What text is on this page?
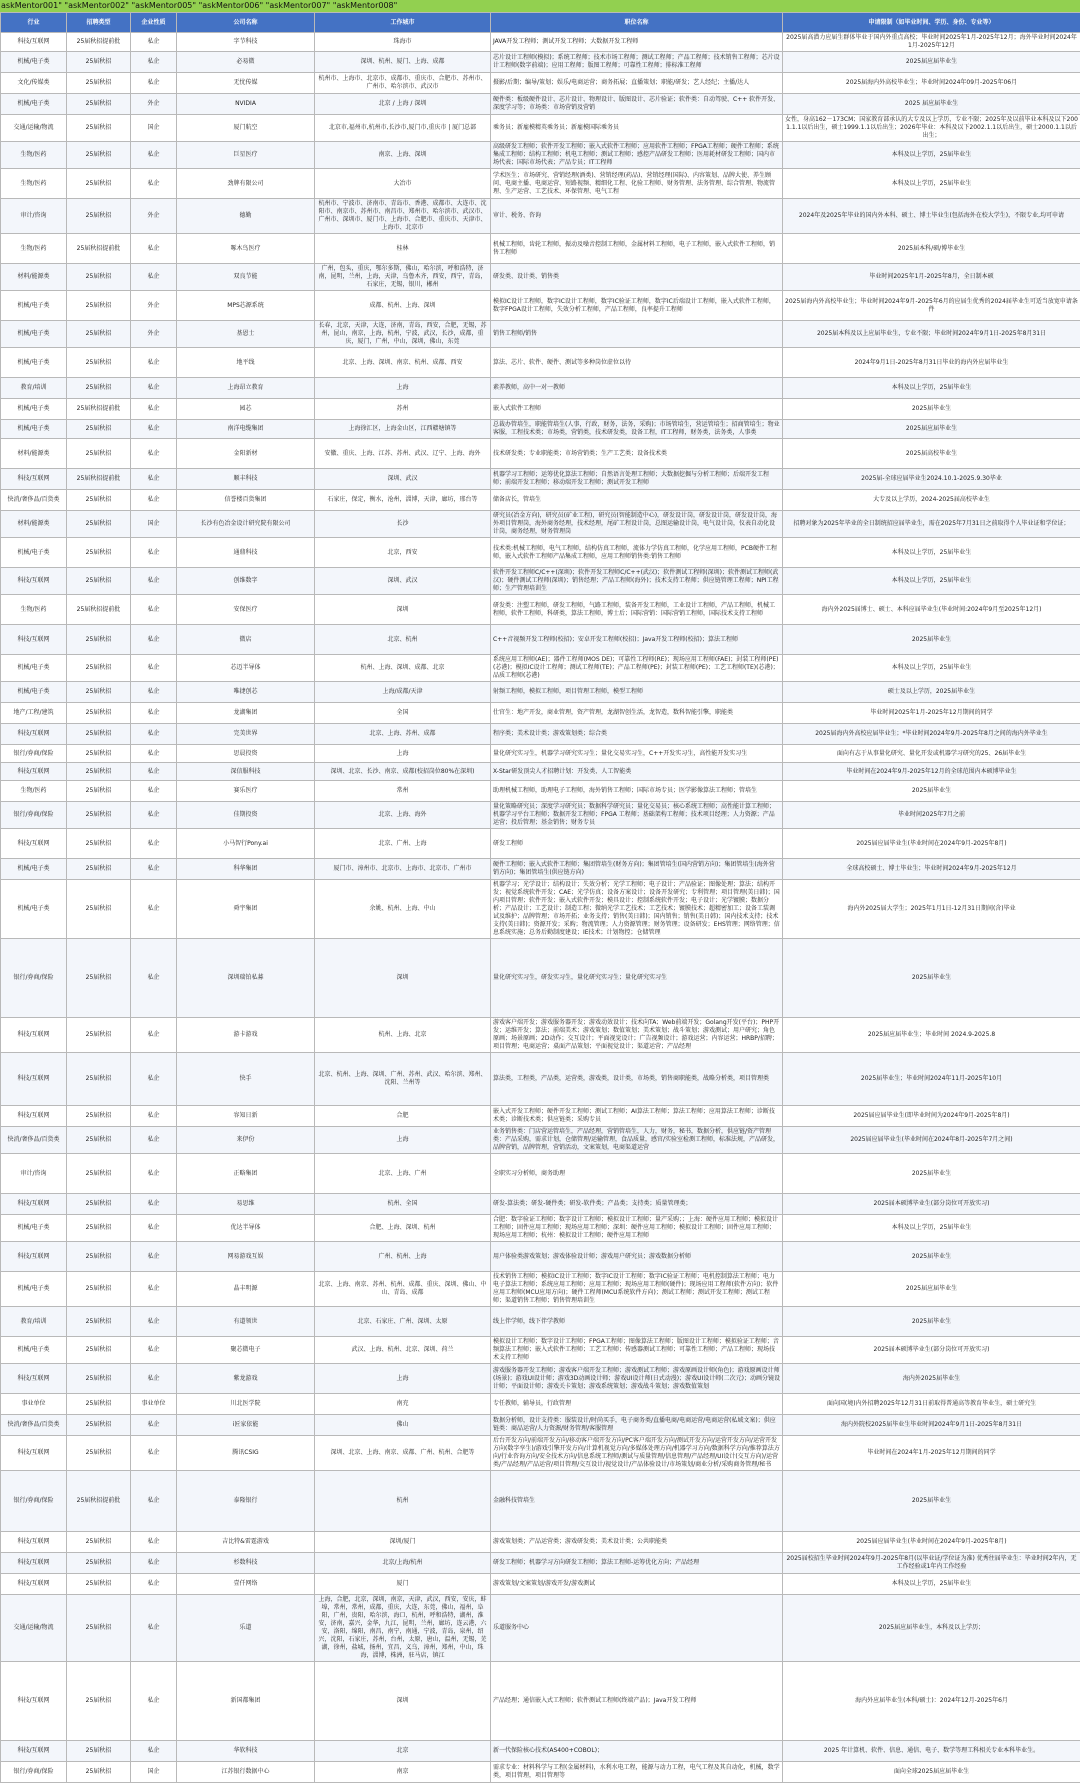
askMentor001" "askMentor002" "askMentor005" "askMentor006" "askMentor007" "askMentor008"
行业	招聘类型	企业性质	公司名称	工作城市	职位名称	申请限制（如毕业时间、学历、身份、专业等）
科技/互联网	25届秋招提前批	私企	字节科技	珠海市	JAVA开发工程师；测试开发工程师；大数据开发工程师	2025届高潜力应届生群体毕业于国内外重点高校；毕业时间2025年1月-2025年12月；海外毕业时间2024年1月-2025年12月
机械/电子类	25届秋招	私企	必易微	深圳、杭州、厦门、上海、成都	芯片设计工程师(模拟)；系统工程师；技术市场工程师；测试工程师；产品工程师；技术销售工程师；芯片设计工程师(数字前端)；应用工程师；版图工程师；可靠性工程师；排标准工程师	2025届应届毕业生
文化/传媒类	25届秋招	私企	无忧传媒	杭州市、上海市、北京市、成都市、重庆市、合肥市、苏州市、广州市、哈尔滨市、武汉市	摄影/后期；编导/策划；娱乐/电商运营；商务拓展；直播策划；职能/研发；艺人经纪；主播/达人	2025届海内外高校毕业生；毕业时间2024年09月-2025年06月
机械/电子类	25届秋招	外企	NVIDIA	北京 / 上海 / 深圳	硬件类：板级硬件设计、芯片设计、物理设计、版图设计、芯片验证；软件类：自动驾驶、C++ 软件开发、深度学习等；市场类：市场营销及营销	2025 届应届毕业生
交通/运输/物流	25届秋招	国企	厦门航空	北京市,福州市,杭州市,长沙市,厦门市,重庆市 | 厦门总部	乘务员；新雇模精英乘务员；新雇模国际乘务员	女性，身高162－173CM；国家教育部承认的大专及以上学历，专业不限；2025年及以前毕业本科及以下2001.1.1以后出生，硕士1999.1.1以后出生；2026年毕业：本科及以下2002.1.1以后出生，硕士2000.1.1以后出生；
生物/医药	25届秋招	私企	巨星医疗	南京、上海、深圳	高级研发工程师；软件开发工程师；嵌入式软件工程师；应用软件工程师；FPGA工程师；硬件工程师；系统集成工程师；结构工程师；机电工程师；测试工程师；感控产品研发工程师；医用耗材研发工程师；国内市场代表；国际市场代表；产品专员；IT工程师	本科及以上学历，25届毕业生
生物/医药	25届秋招	私企	劲牌有限公司	大冶市	学术医生；市场研究、营销经理(酒类)、营销经理(药品)、营销经理(国际)、内容策划、品牌大使、养生顾问、电商主播、电商运营、短路视频、精细化工程、化验工程师、财务管理、法务管理、综合管理、物流管理、生产运营、工艺技术、环保管理、电气工程	本科及以上学历，25届毕业生
审计/咨询	25届秋招	外企	德勤	杭州市、宁波市、济南市、青岛市、香港、成都市、大连市、沈阳市、南京市、苏州市、南昌市、郑州市、哈尔滨市、武汉市、广州市、深圳市、厦门市、上海市、合肥市、重庆市、天津市、上海市、北京市	审计、税务、咨询	2024年及2025年毕业的国内外本科、硕士、博士毕业生(包括海外在校大学生)，不限专业,均可申请
生物/医药	25届秋招提前批	私企	啄木鸟医疗	桂林	机械工程师，齿轮工程师，振动及噪音控制工程师，金属材料工程师，电子工程师，嵌入式软件工程师，销售工程师	2025届本科/硕/博毕业生
材料/能源类	25届秋招	私企	双良节能	广州，包头，重庆，鄂尔多斯，佛山，哈尔滨，呼和浩特，济南，昆明，兰州，上海，天津，乌鲁木齐，西安，西宁，青岛，石家庄，无锡，银川，郴州	研发类、设计类、销售类	毕业时间2025年1月-2025年8月，全日制本硕
机械/电子类	25届秋招	外企	MPS芯源系统	成都、杭州、上海、深圳	模拟IC设计工程师，数字IC设计工程师，数字IC验证工程师，数字IC后端设计工程师，嵌入式软件工程师，数字FPGA设计工程师，失效分析工程师，产品工程师，良率提升工程师	2025届海内外高校毕业生；毕业时间2024年9月-2025年6月的应届生优秀的2024届毕业生可适当放宽申请条件
机械/电子类	25届秋招	外企	基恩士	长春，北京，天津，大连，济南，青岛，西安，合肥，无锡，苏州，昆山，南京，上海，杭州，宁波，武汉，长沙，成都，重庆，厦门，广州，中山，深圳，佛山，东莞	销售工程师/销售	2025届本科及以上应届毕业生，专业不限；毕业时间2024年9月1日-2025年8月31日
机械/电子类	25届秋招	私企	地平线	北京、上海、深圳、南京、杭州、成都、西安	算法、芯片、软件、硬件、测试等多种岗位虚位以待	2024年9月1日-2025年8月31日毕业的海内外应届毕业生
教育/培训	25届秋招	私企	上海昂立教育	上海	素养教师，高中一对一教师	本科及以上学历，25届毕业生
机械/电子类	25届秋招提前批	私企	园芯	苏州	嵌入式软件工程师	2025届毕业生
机械/电子类	25届秋招	私企	南洋电缆集团	上海徐汇区，上海金山区，江西赣塘镇等	总裁办管培生，职能管培生(人事，行政，财务，法务，采购)；市场管培生，营运管培生；招商管培生；物业客服，工程技术类；市场类，营销类，技术研发类，设备工程，IT工程师，财务类，法务类，人事类	2025届应届毕业生
材料/能源类	25届秋招	私企	金阳新材	安徽、重庆、上海、江苏、苏州、武汉、辽宁、上海、海外	技术研发类；专业职能类；市场营销类；生产工艺类；设备技术类	2025届高校毕业生
科技/互联网	25届秋招提前批	私企	顺丰科技	深圳、武汉	机器学习工程师；运筹优化算法工程师；自然语言处理工程师；大数据挖掘与分析工程师；后端开发工程师；前端开发工程师；移动端开发工程师；测试开发工程师	2025届-全球应届毕业生2024.10.1-2025.9.30毕业
快消/奢侈品/百货类	25届秋招	私企	信誉楼百货集团	石家庄，保定，衡水，沧州，淄博，天津，廊坊，邢台等	储备店长，管培生	大专及以上学历，2024-2025届高校毕业生
材料/能源类	25届秋招	国企	长沙有色冶金设计研究院有限公司	长沙	研究员(冶金方向)，研究员(矿业工程)，研究员(智能制造中心)，研发设计岗，研发设计岗，研发设计岗，海外项目管理岗，海外商务经理，技术经理，尾矿工程设计岗，总图运输设计岗，电气设计岗，仪表自动化设计岗，商务经理，财务管理岗	招聘对象为2025年毕业的全日制统招应届毕业生，需在2025年7月31日之前取得个人毕业证和学位证；
机械/电子类	25届秋招	私企	通鼎科技	北京，西安	技术类:机械工程师，电气工程师，结构仿真工程师，流体力学仿真工程师，化学应用工程师，PCB硬件工程师，嵌入式软件工程师产品集成工程师，应用工程师销售类:销售工程师	本科及以上学历，25届毕业生
科技/互联网	25届秋招	私企	创维数字	深圳、武汉	软件开发工程师C/C++(深圳)；软件开发工程师C/C++(武汉)；软件测试工程师(深圳)；软件测试工程师(武汉)；硬件测试工程师(深圳)；销售经理；产品工程师(海外)；技术支持工程师；供应链管理工程师；NPI工程师；生产管理培训生	本科及以上学历，25届毕业生
生物/医药	25届秋招提前批	私企	安保医疗	深圳	研发类：注塑工程师，研发工程师，气路工程师，装备开发工程师，工业设计工程师，产品工程师，机械工程师，软件工程师，科研类，算法工程师，博士后；国际营销：国际营销工程师，国际技术支持工程师	海内外2025届博士、硕士、本科应届毕业生(毕业时间:2024年9月至2025年12月)
科技/互联网	25届秋招	私企	微店	北京、杭州	C++音视频开发工程师(校招)；安卓开发工程师(校招)；Java开发工程师(校招)；算法工程师	2025届毕业生
机械/电子类	25届秋招	私企	芯迈半导体	杭州、上海、深圳、成都、北京	系统应用工程师(AE)；器件工程师(MOS DE)；可靠性工程师(RE)；现场应用工程师(FAE)；封装工程师(PE)(芯港)；模拟IC设计工程师；测试工程师(TE)；产品工程师(PE)；封装工程师(PE)；工艺工程师(TE)(芯港)；品质工程师(芯港)	本科及以上学历，25届毕业生
机械/电子类	25届秋招	私企	唯捷创芯	上海/成都/天津	射频工程师，模拟工程师，项目管理工程师，模型工程师	硕士及以上学历，2025届毕业生
地产/工程/建筑	25届秋招	私企	龙湖集团	全国	仕官生：地产开发，商业管理，资产管理，龙湖智创生活，龙智造，数科智能引擎，职能类	毕业时间2025年1月-2025年12月期间的同学
科技/互联网	25届秋招	私企	完美世界	北京、上海、苏州、成都	程序类；美术设计类；游戏策划类；综合类	2025届海内外高校应届毕业生；*毕业时间2024年9月-2025年8月之间的海内外毕业生
银行/券商/保险	25届秋招	私企	思晨投资	上海	量化研究实习生，机器学习研究实习生；量化交易实习生，C++开发实习生，高性能开发实习生	面向有志于从事量化研究、量化开发或机器学习研究的25、26届毕业生
科技/互联网	25届秋招	私企	深信服科技	深圳、北京、长沙、南京、成都(校招岗位80%在深圳)	X-Star研发顶尖人才招聘计划：开发类、人工智能类	毕业时间在2024年9月-2025年12月的全球范围内本硕博毕业生
生物/医药	25届秋招	私企	赛乐医疗	常州	助理机械工程师，助理电子工程师，海外销售工程师；国际市场专员；医学影像算法工程师；管培生	2025届毕业生
银行/券商/保险	25届秋招	私企	佳期投资	北京、上海、海外	量化策略研究员；深度学习研究员；数据科学研究员；量化交易员；核心系统工程师；高性能计算工程师；机器学习平台工程师；数据开发工程师；FPGA 工程师；基础架构工程师；技术项目经理；人力资源；产品运营；投后管理；基金销售；财务专员	毕业时间2025年7月之前
科技/互联网	25届秋招	私企	小马智行Pony.ai	北京、广州、上海	研发工程师	2025届应届毕业生(毕业时间在2024年9月-2025年8月)
机械/电子类	25届秋招	私企	科华集团	厦门市、漳州市、北京市、上海市、北京市、广州市	硬件工程师；嵌入式软件工程师；集团管培生(财务方向)；集团管培生(国内营销方向)；集团管培生(海外营销方向)；集团管培生(供应链方向)	全球高校硕士、博士毕业生；毕业时间2024年9月-2025年12月
机械/电子类	25届秋招	私企	舜宇集团	余姚、杭州、上海、中山	机器学习；光学设计；结构设计；失效分析；光学工程师；电子设计；产品验证；图像处理；算法；结构开发；视觉系统软件开发；CAE；光学仿真；设备方案设计；设备开发研究；专利管理；项目管理(美日韩)；国内项目管理；软件开发；嵌入式软件开发；模具设计；控制系统软件开发；电子设计；光学镀膜；数据分析；产品设计；工艺设计；制造工程；微纳光学工艺技术；工艺技术；镀膜技术；超精密加工；设备工装调试及维护；品牌管理；市场开拓；业务支持；销售(美日韩)；国内销售；销售(美日韩)；国内技术支持；技术支持(美日韩)；资源开发；采购；物流管理；人力资源管理；财务管理；设备研发；EHS管理；网络管理；信息系统实施；总务后勤制度建设；IE技术；计划物控；仓储管理	海内外2025届大学生；2025年1月1日-12月31日期间(含)毕业
银行/券商/保险	25届秋招	私企	深圳瑞铂私募	深圳	量化研究实习生，研发实习生，量化研究实习生；量化研究实习生	2025届毕业生
科技/互联网	25届秋招	私企	游卡游戏	杭州、上海、北京	游戏客户端开发；游戏服务器开发；游戏动效设计；技术向TA；Web前端开发；Golang开发(平台)；PHP开发；运维开发；算法；前端美术；游戏策划；数值策划；美术策划；战斗策划；游戏测试；用户研究；角色原画；场景原画；2D动作；交互设计；平面视觉设计；广告视频设计；游戏运营；内容运营；HRBP/招聘；项目管理；电商运营；桌面产品策划；平面视觉设计；渠道运营；产品经理	2025届应届毕业生；毕业时间 2024.9-2025.8
科技/互联网	25届秋招	私企	快手	北京、杭州、上海、深圳、广州、苏州、武汉、哈尔滨、郑州、沈阳、兰州等	算法类，工程类，产品类，运营类，游戏类，设计类，市场类，销售商职能类，战略分析类，项目管理类	2025届毕业生；毕业时间2024年11月-2025年10月
科技/互联网	25届秋招	私企	容知日新	合肥	嵌入式开发工程师；硬件开发工程师；测试工程师；AI算法工程师；算法工程师；应用算法工程师；诊断技术类；诊断技术类；供应链类；采购专员	2025届应届毕业生(即毕业时间为2024年9月-2025年8月)
快消/奢侈品/百货类	25届秋招	私企	来伊份	上海	业务销售类：门店营运管培生，产品经理，营销管培生，人力，财务，秘书，数据分析，供应链/资产管理类：产品采购，需求计划，仓储管理/运输管理，食品质量，感官/实验室检测工程师，标准法规，产品研发，品牌营销，品牌管理，营销活动，文案策划，电商渠道运营	2025届应届毕业生(毕业时间在2024年8月-2025年7月之间)
审计/咨询	25届秋招	私企	正略集团	北京、上海、广州	全职实习分析师，商务助理	2025届毕业生
科技/互联网	25届秋招	私企	易思维	杭州、全国	研发-算法类；研发-硬件类；研发-软件类；产品类；支持类；质量管理类；	2025届本硕博毕业生(部分岗位可开放实习)
机械/电子类	25届秋招	私企	优达半导体	合肥、上海、深圳、杭州	合肥：数字验证工程师；数字设计工程师；模拟设计工程师；量产采购；；上海：硬件应用工程师；模拟设计工程师；固件应用工程师；现场应用工程师；深圳：硬件应用工程师；模拟设计工程师；固件应用工程师；现场应用工程师；杭州：模拟设计工程师；硬件应用工程师	本科及以上学历，25届毕业生
科技/互联网	25届秋招	私企	网易游戏互娱	广州、杭州、上海	用户体验类游戏策划；游戏体验设计师；游戏用户研究员；游戏数据分析师	2025届毕业生
机械/电子类	25届秋招	私企	晶丰明源	北京、上海、南京、苏州、杭州、成都、重庆、深圳、佛山、中山、青岛、成都	技术销售工程师；模拟IC设计工程师；数字IC设计工程师；数字IC验证工程师；电机控制算法工程师；电力电子算法工程师；系统应用工程师；应用工程师；现场应用工程师(硬件)；现场应用工程师(软件方向)；软件应用工程师(MCU应用方向)；硬件工程师(MCU系统软件方向)；测试工程师；测试开发工程师；测试工程师；渠道销售工程师；销售管理培训生	2025届应届毕业生
教育/培训	25届秋招	私企	有道领世	北京、石家庄、广州、深圳、太原	线上伴学师，线下伴学教师	2025届毕业生
机械/电子类	25届秋招	私企	聚芯微电子	武汉、上海、杭州、北京、深圳、荷兰	模拟设计工程师；数字设计工程师；FPGA工程师；图像算法工程师；版图设计工程师；模拟验证工程师；音频算法工程师；嵌入式软件工程师；工艺工程师；传感器测试工程师；可靠性工程师；产品工程师；现场技术支持工程师	2025届本硕博毕业生(部分岗位可开放实习)
科技/互联网	25届秋招	私企	紫龙游戏	上海	游戏服务器开发工程师；游戏客户端开发工程师；游戏测试工程师；游戏原画设计师(角色)；游戏原画设计师(场景)；游戏UI设计师；游戏3D动画设计师；游戏UI设计师(日式动漫)；游戏UI设计师(二次元)；动画分镜设计师；平面设计师；游戏关卡策划；游戏系统策划；游戏战斗策划；游戏数值策划	海内外2025届毕业生
事业单位	25届秋招	事业单位	川北医学院	南充	专任教师，辅导员，行政管理	面向国(境)内外招聘2025年12月31日前取得普通高等教育毕业生，硕士研究生
快消/奢侈品/百货类	25届秋招	私企	i匠家依能	佛山	数据分析师，设计支持类：服装设计/时尚买手，电子商务类/直播电商/电商运营/电商运营(私域文案)；供应链类：商品运营/人力资源/财务管理/客服管理	海内外院校2025届毕业生毕业时间2024年9月1日-2025年8月31日
科技/互联网	25届秋招	私企	腾讯CSIG	深圳、北京、上海、南京、成都、广州、杭州、合肥等	后台开发方向/前端开发方向/移动客户端开发方向/PC客户端开发方向/测试开发方向/运营开发方向/运营开发方向(数字孪生)/游戏引擎开发方向/计算机视觉方向/多媒体处理方向/机器学习方向/数据科学方向/推荐算法方向/行业咨询方向/安全技术方向/信息系统工程师/测试与质量管理/信息管理/产品经理/UI设计(交互方向)/运营类/产品经理/产品运营/项目管理/交互设计/视觉设计/产品体验设计/市场策划/商业分析/采购商务管理/秘书	毕业时间在2024年1月-2025年12月期间的同学
银行/券商/保险	25届秋招提前批	私企	泰隆银行	杭州	金融科技管培生	2025届毕业生
科技/互联网	25届秋招	私企	吉比特&雷霆游戏	深圳/厦门	游戏策划类；产品运营类；游戏研发类；美术设计类；公共职能类	2025届应届毕业生(毕业时间在2024年9月-2025年8月)
科技/互联网	25届秋招	私企	杉数科技	北京/上海/杭州	研发工程师；机器学习方向研发工程师；算法工程师-运筹优化方向；产品经理	2025届校招生毕业时间2024年9月-2025年8月(以毕业证/学位证为准) 优秀往届毕业生：毕业时间2年内，无工作经验或1年内工作经验
科技/互联网	25届秋招	私企	壹仟网络	厦门	游戏策划/文案策划/游戏开发/游戏测试	本科及以上学历，25届毕业生
交通/运输/物流	25届秋招	私企	乐道	上海，合肥，北京，深圳，南京，天津，武汉，西安，安庆，蚌埠，常州，常州，成都，重庆，大连，东莞，佛山，福州，阜阳，广州，贵阳，哈尔滨，海口，杭州，呼和浩特，湖州，淮安，济南，嘉兴，金华，九江，昆明，兰州，廊坊，连云港，六安，洛阳，绵阳，南昌，南宁，南通，宁波，青岛，泉州，绍兴，沈阳，石家庄，苏州，台州，太原，唐山，温州，无锡，芜湖，徐州，盐城，扬州，宜昌，义乌，漳州，郑州，中山，珠海，淄博，株洲，驻马店，镇江	乐道服务中心	2025届应届毕业生，本科及以上学历；
科技/互联网	25届秋招	私企	新国都集团	深圳	产品经理；通信嵌入式工程师；软件测试工程师(终端产品)；Java开发工程师	海内外应届毕业生(本科/硕士)：2024年12月-2025年6月
科技/互联网	25届秋招	私企	华软科技	北京	新一代保险核心技术(AS400+COBOL)；	2025 年计算机、软件、信息、通信、电子、数学等理工科相关专业本科毕业生。
银行/券商/保险	25届秋招	国企	江苏银行数据中心	南京	需求专业：材料科学与工程(金属材料)，水利水电工程，能源与动力工程，电气工程及其自动化，机械，数学类，项目管理，项目管理等	面向全球2025届应届毕业生
